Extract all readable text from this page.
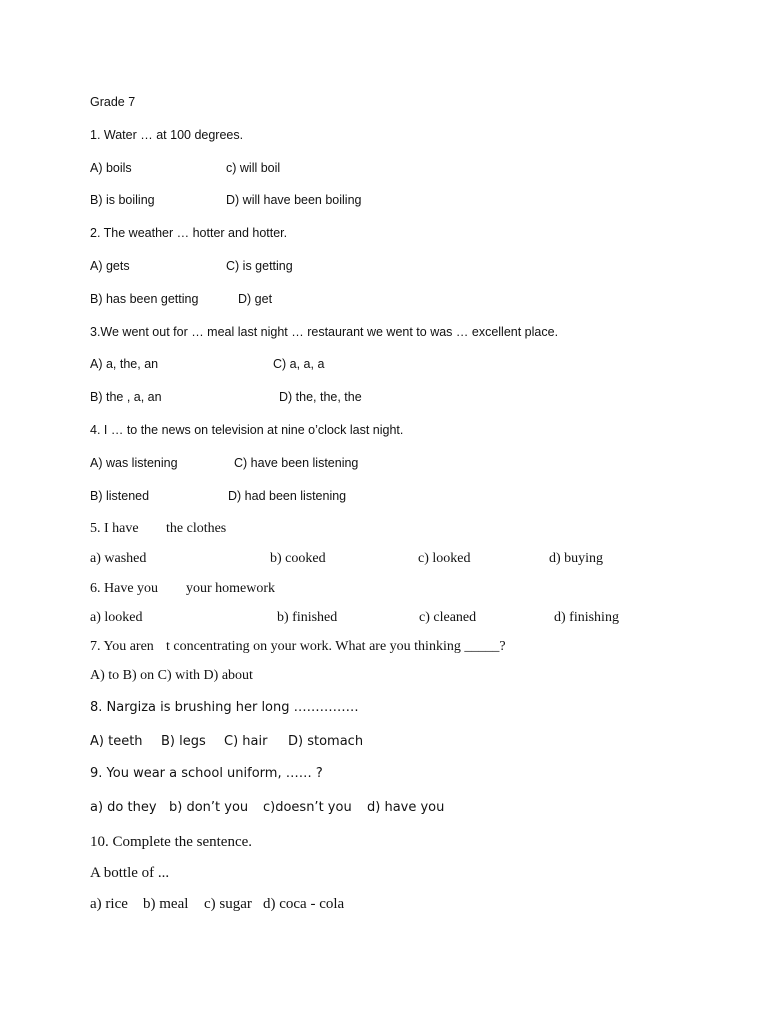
Grade 7

1. Water … at 100 degrees.

A) boils	c) will boil

B) is boiling	D) will have been boiling

2. The weather … hotter and hotter.

A) gets	C) is getting

B) has been getting	D) get

3.We went out for … meal last night … restaurant we went to was … excellent place.

A) a, the, an	C) a, a, a

B) the , a, an	D) the, the, the

4. I … to the news on television at nine o’clock last night.

A) was listening	C) have been listening

B) listened	D) had been listening

5. I have the clothes

a) washed	b) cooked	c) looked	d) buying

6. Have you your homework

a) looked	b) finished	c) cleaned	d) finishing

7. You aren t concentrating on your work. What are you thinking _____?

A) to B) on C) with D) about

8. Nargiza is brushing her long ……………

A) teeth B) legs C) hair D) stomach

9. You wear a school uniform, …… ?

a) do they b) don’t you c)doesn’t you d) have you

10. Complete the sentence.

A bottle of ...

a) rice b) meal c) sugar d) coca - cola
